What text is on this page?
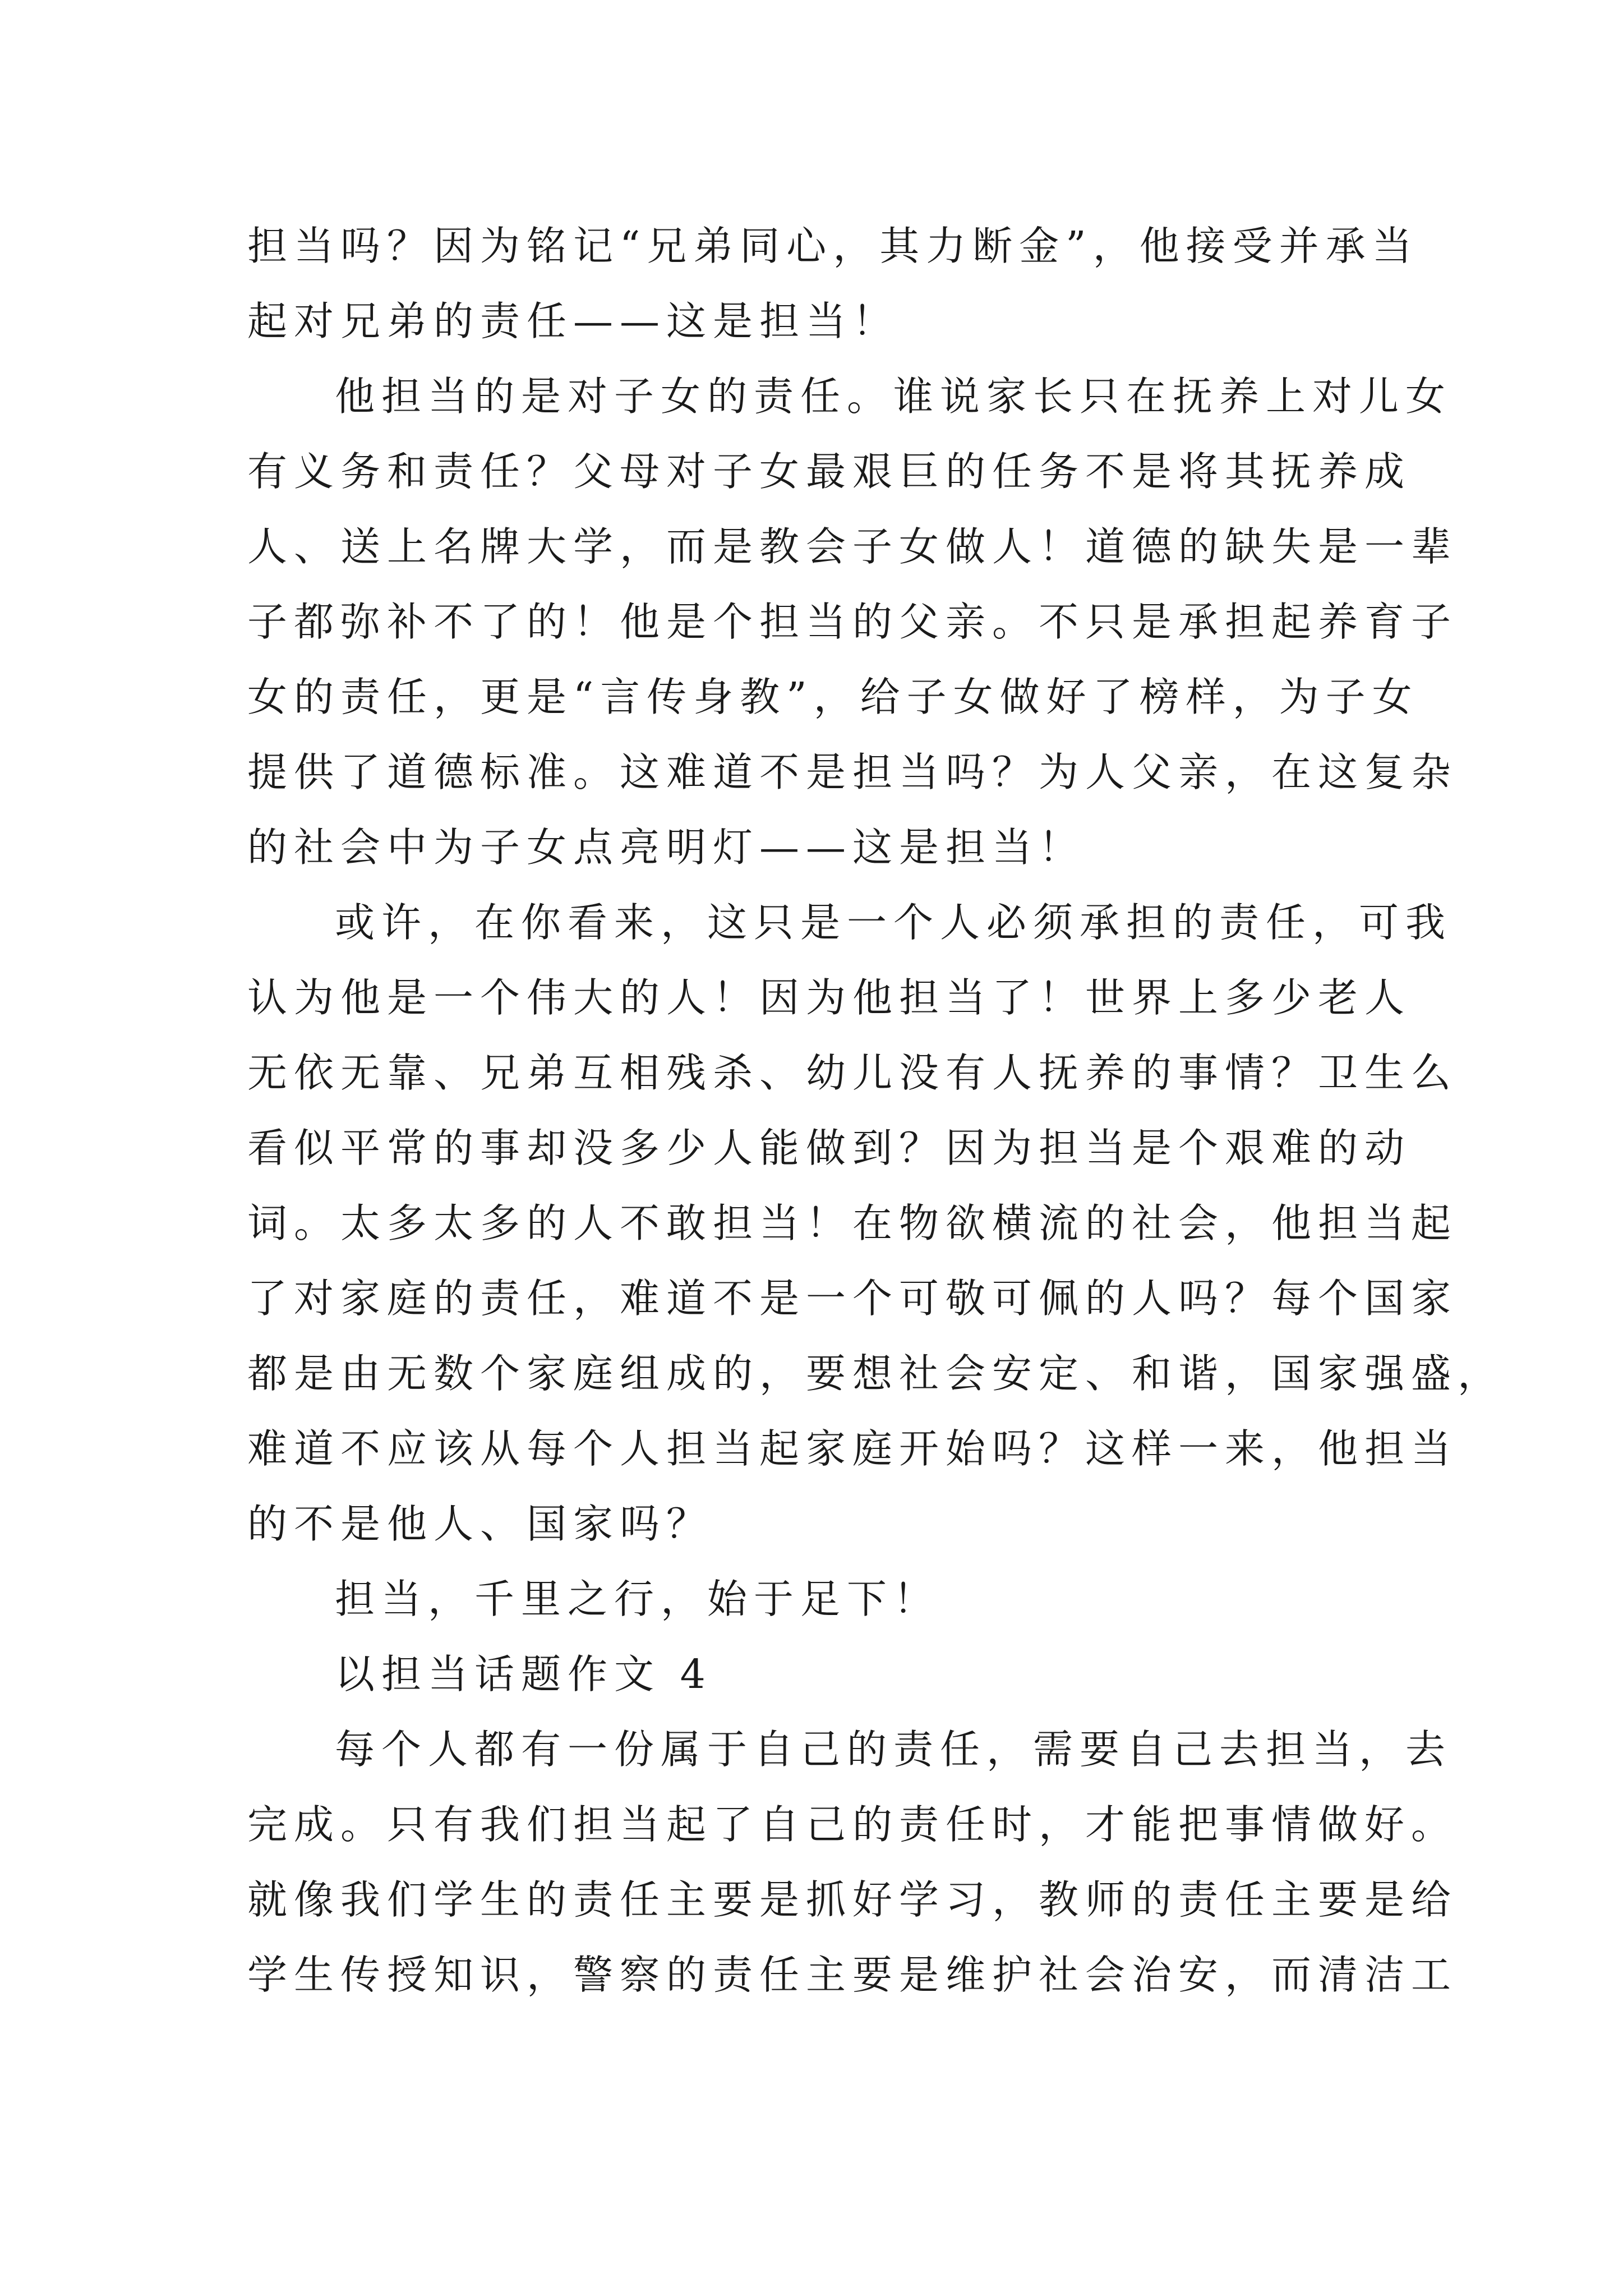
担当吗？因为铭记“兄弟同心，其力断金”，他接受并承当
起对兄弟的责任——这是担当！
他担当的是对子女的责任。谁说家长只在抚养上对儿女
有义务和责任？父母对子女最艰巨的任务不是将其抚养成
人、送上名牌大学，而是教会子女做人！道德的缺失是一辈
子都弥补不了的！他是个担当的父亲。不只是承担起养育子
女的责任，更是“言传身教”，给子女做好了榜样，为子女
提供了道德标准。这难道不是担当吗？为人父亲，在这复杂
的社会中为子女点亮明灯——这是担当！
或许，在你看来，这只是一个人必须承担的责任，可我
认为他是一个伟大的人！因为他担当了！世界上多少老人
无依无靠、兄弟互相残杀、幼儿没有人抚养的事情？卫生么
看似平常的事却没多少人能做到？因为担当是个艰难的动
词。太多太多的人不敢担当！在物欲横流的社会，他担当起
了对家庭的责任，难道不是一个可敬可佩的人吗？每个国家
都是由无数个家庭组成的，要想社会安定、和谐，国家强盛，
难道不应该从每个人担当起家庭开始吗？这样一来，他担当
的不是他人、国家吗？
担当，千里之行，始于足下！
以担当话题作文 4
每个人都有一份属于自己的责任，需要自己去担当，去
完成。只有我们担当起了自己的责任时，才能把事情做好。
就像我们学生的责任主要是抓好学习，教师的责任主要是给
学生传授知识，警察的责任主要是维护社会治安，而清洁工
